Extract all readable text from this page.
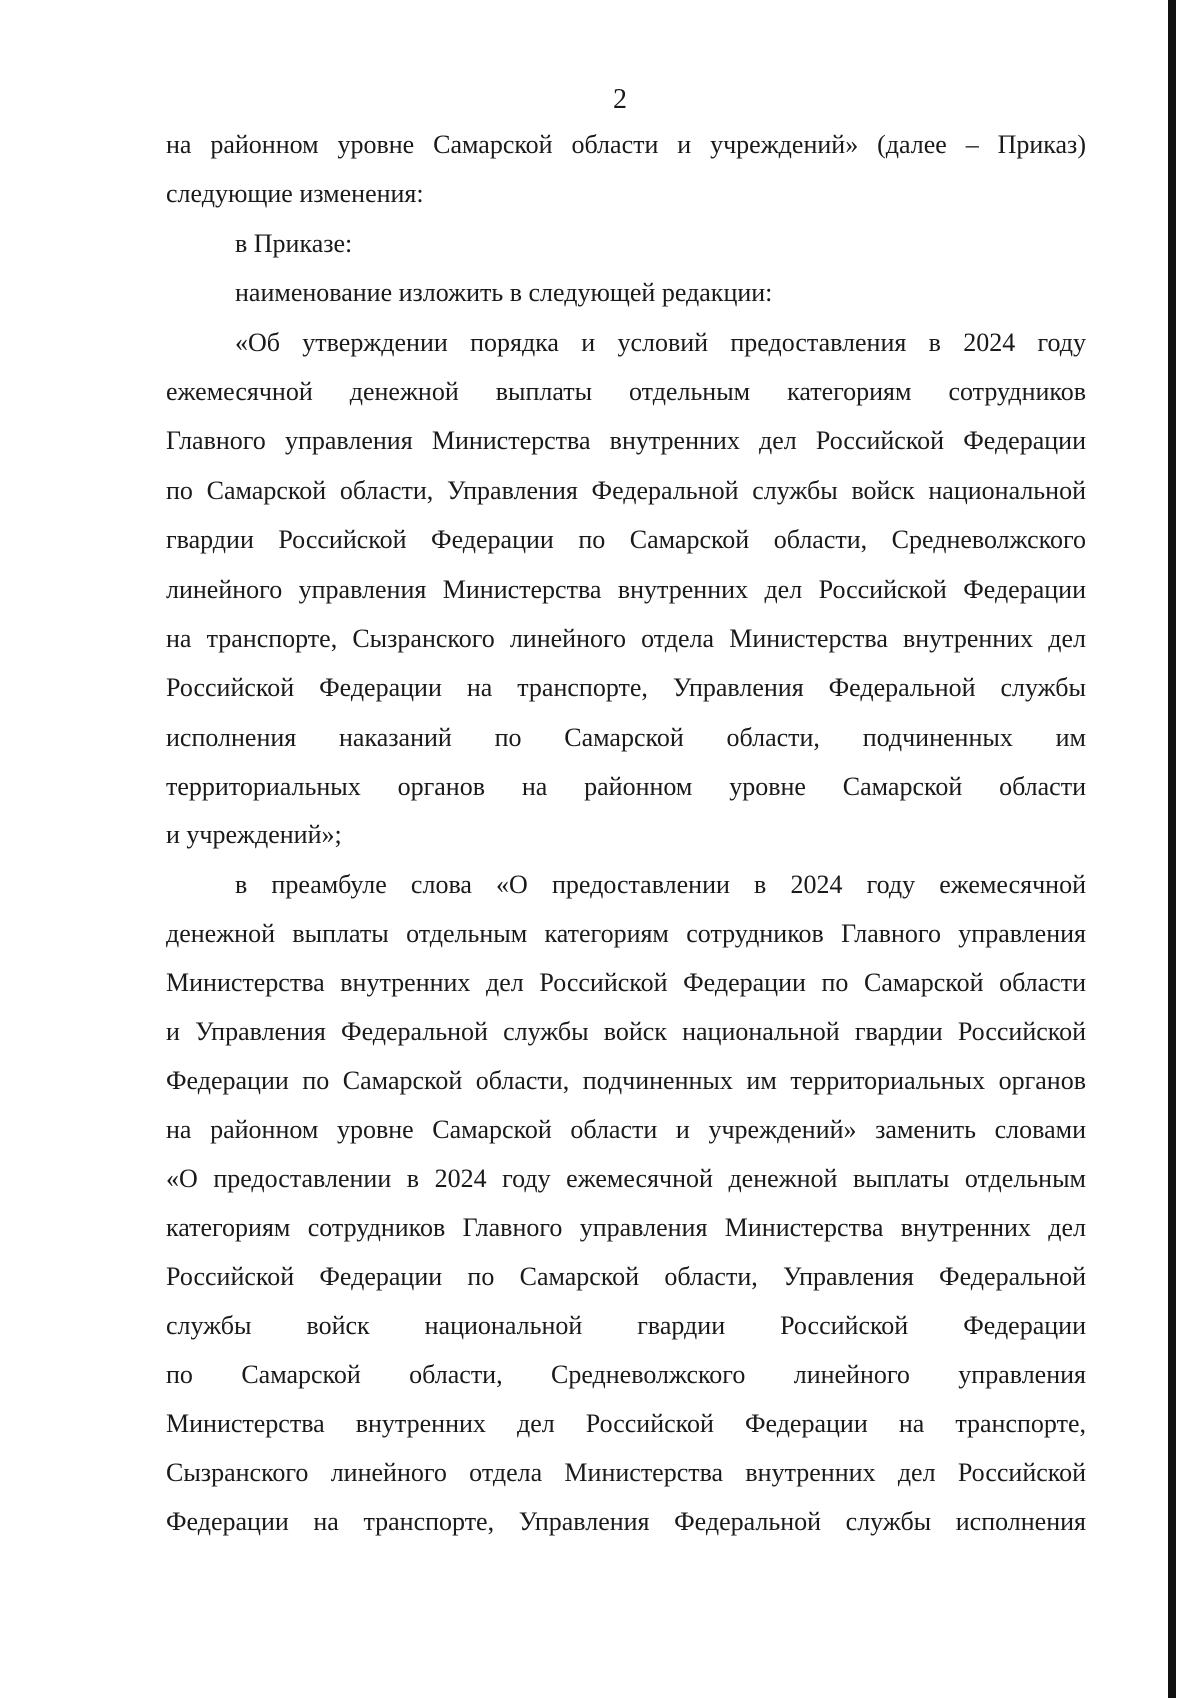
2
на районном уровне Самарской области и учреждений» (далее – Приказ)
следующие изменения:
в Приказе:
наименование изложить в следующей редакции:
«Об утверждении порядка и условий предоставления в 2024 году
ежемесячной денежной выплаты отдельным категориям сотрудников
Главного управления Министерства внутренних дел Российской Федерации
по Самарской области, Управления Федеральной службы войск национальной
гвардии Российской Федерации по Самарской области, Средневолжского
линейного управления Министерства внутренних дел Российской Федерации
на транспорте, Сызранского линейного отдела Министерства внутренних дел
Российской Федерации на транспорте, Управления Федеральной службы
исполнения наказаний по Самарской области, подчиненных им
территориальных органов на районном уровне Самарской области
и учреждений»;
в преамбуле слова «О предоставлении в 2024 году ежемесячной
денежной выплаты отдельным категориям сотрудников Главного управления
Министерства внутренних дел Российской Федерации по Самарской области
и Управления Федеральной службы войск национальной гвардии Российской
Федерации по Самарской области, подчиненных им территориальных органов
на районном уровне Самарской области и учреждений» заменить словами
«О предоставлении в 2024 году ежемесячной денежной выплаты отдельным
категориям сотрудников Главного управления Министерства внутренних дел
Российской Федерации по Самарской области, Управления Федеральной
службы войск национальной гвардии Российской Федерации
по Самарской области, Средневолжского линейного управления
Министерства внутренних дел Российской Федерации на транспорте,
Сызранского линейного отдела Министерства внутренних дел Российской
Федерации на транспорте, Управления Федеральной службы исполнения
